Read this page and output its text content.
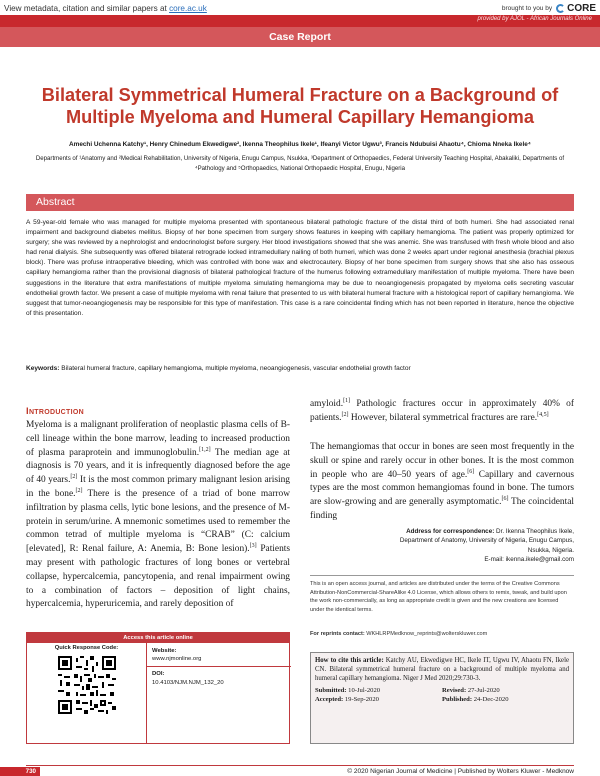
View metadata, citation and similar papers at core.ac.uk	brought to you by CORE
provided by AJOL - African Journals Online
Case Report
Bilateral Symmetrical Humeral Fracture on a Background of Multiple Myeloma and Humeral Capillary Hemangioma
Amechi Uchenna Katchy¹, Henry Chinedum Ekwedigwe², Ikenna Theophilus Ikele¹, Ifeanyi Victor Ugwu³, Francis Ndubuisi Ahaotu⁴, Chioma Nneka Ikele⁴
Departments of ¹Anatomy and ²Medical Rehabilitation, University of Nigeria, Enugu Campus, Nsukka, ³Department of Orthopaedics, Federal University Teaching Hospital, Abakaliki, Departments of ⁴Pathology and ⁵Orthopaedics, National Orthopaedic Hospital, Enugu, Nigeria
Abstract

A 59-year-old female who was managed for multiple myeloma presented with spontaneous bilateral pathologic fracture of the distal third of both humeri. She had associated renal impairment and background diabetes mellitus. Biopsy of her bone specimen from surgery shows features in keeping with capillary hemangioma. The patient was properly optimized for surgery; she was reviewed by a nephrologist and endocrinologist before surgery. Her blood investigations showed that she was anemic. She was transfused with fresh whole blood and also had renal dialysis. She subsequently was offered bilateral retrograde locked intramedullary nailing of both humeri, which was done 2 weeks apart under regional anesthesia (brachial plexus block). There was profuse intraoperative bleeding, which was controlled with bone wax and electrocautery. Biopsy of her bone specimen from surgery shows that she also has osseous capillary hemangioma rather than the provisional diagnosis of bilateral pathological fracture of the humerus following extramedullary manifestation of multiple myeloma. There have been suggestions in the literature that extra manifestations of multiple myeloma simulating hemangioma may be due to neoangiogenesis propagated by myeloma cells secreting vascular endothelial growth factor. We present a case of multiple myeloma with renal failure that presented to us with bilateral humeral fracture with a histological report of capillary hemangioma. We suggest that tumor-neoangiogenesis may be responsible for this type of manifestation. This case is a rare coincidental finding which has not been reported in literature, hence the objective of this presentation.

Keywords: Bilateral humeral fracture, capillary hemangioma, multiple myeloma, neoangiogenesis, vascular endothelial growth factor

Introduction

Myeloma is a malignant proliferation of neoplastic plasma cells of B-cell lineage within the bone marrow, leading to increased production of plasma paraprotein and immunoglobulin.[1,2] The median age at diagnosis is 70 years, and it is infrequently diagnosed before the age of 40 years.[2] It is the most common primary malignant lesion arising in the bone.[2] There is the presence of a triad of bone marrow infiltration by plasma cells, lytic bone lesions, and the presence of M-protein in serum/urine. A mnemonic sometimes used to remember the common tetrad of multiple myeloma is “CRAB” (C: calcium [elevated], R: Renal failure, A: Anemia, B: Bone lesion).[3] Patients may present with pathologic fractures of long bones or vertebral collapse, hypercalcemia, pancytopenia, and renal impairment owing to a combination of factors – deposition of light chains, hypercalcemia, hyperuricemia, and rarely deposition of

amyloid.[1] Pathologic fractures occur in approximately 40% of patients.[2] However, bilateral symmetrical fractures are rare.[4,5]

The hemangiomas that occur in bones are seen most frequently in the skull or spine and rarely occur in other bones. It is the most common in people who are 40–50 years of age.[6] Capillary and cavernous types are the most common hemangiomas found in bone. The tumors are slow-growing and are generally asymptomatic.[6] The coincidental finding

Address for correspondence: Dr. Ikenna Theophilus Ikele,
Department of Anatomy, University of Nigeria, Enugu Campus,
Nsukka, Nigeria.
E-mail: ikenna.ikele@gmail.com

This is an open access journal, and articles are distributed under the terms of the Creative Commons Attribution-NonCommercial-ShareAlike 4.0 License, which allows others to remix, tweak, and build upon the work non-commercially, as long as appropriate credit is given and the new creations are licensed under the identical terms.

For reprints contact: WKHLRPMedknow_reprints@wolterskluwer.com

Access this article online
Quick Response Code:	Website:
www.njmonline.org
DOI:
10.4103/NJM.NJM_132_20
How to cite this article: Katchy AU, Ekwedigwe HC, Ikele IT, Ugwu IV, Ahaotu FN, Ikele CN. Bilateral symmetrical humeral fracture on a background of multiple myeloma and humeral capillary hemangioma. Niger J Med 2020;29:730-3.
Submitted: 10-Jul-2020	Revised: 27-Jul-2020
Accepted: 19-Sep-2020	Published: 24-Dec-2020
730	© 2020 Nigerian Journal of Medicine | Published by Wolters Kluwer - Medknow
